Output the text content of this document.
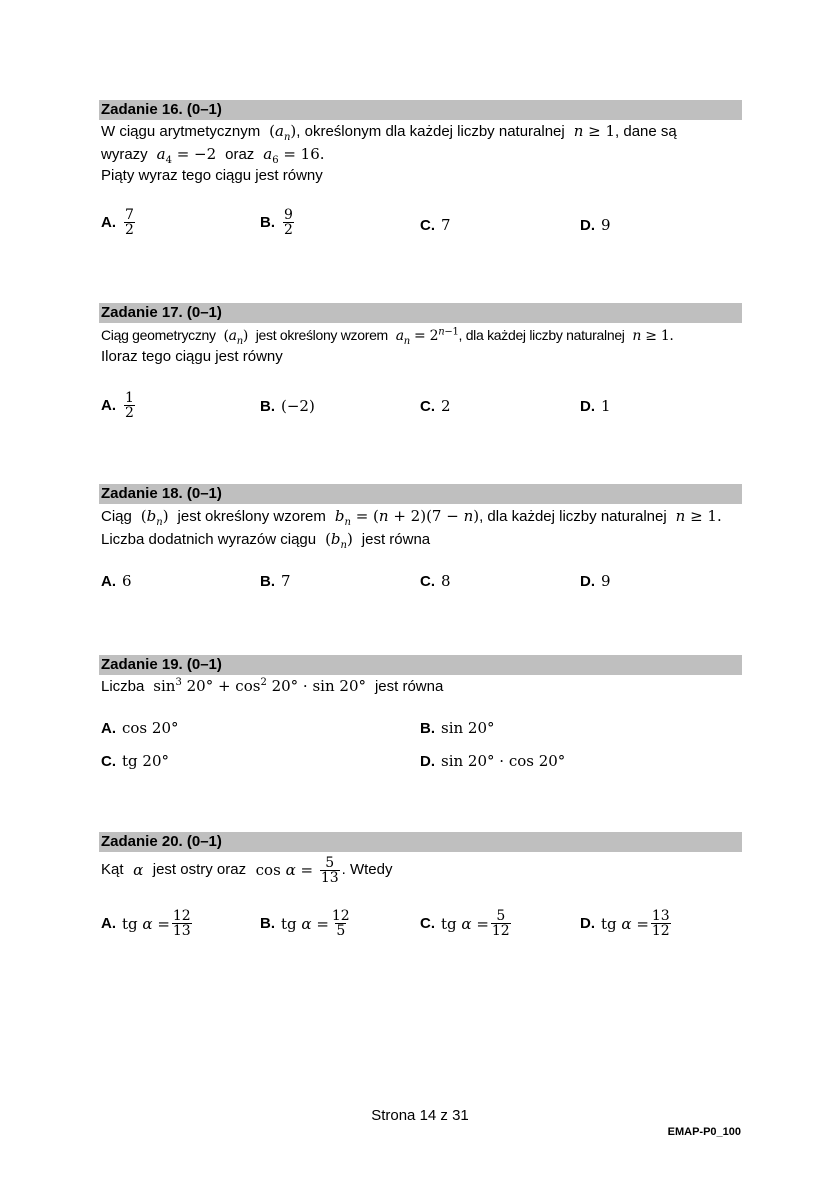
Zadanie 16. (0–1)
W ciągu arytmetycznym  $(a_n)$, określonym dla każdej liczby naturalnej n ≥ 1, dane są
wyrazy $a_4 = -2$  oraz $a_6 = 16$.
Piąty wyraz tego ciągu jest równy
A. $\frac{7}{2}$	B. $\frac{9}{2}$	C. 7	D. 9
Zadanie 17. (0–1)
Ciąg geometryczny  $(a_n)$  jest określony wzorem $a_n = 2^{n-1}$, dla każdej liczby naturalnej n ≥ 1.
Iloraz tego ciągu jest równy
A. $\frac{1}{2}$	B. (−2)	C. 2	D. 1
Zadanie 18. (0–1)
Ciąg  $(b_n)$  jest określony wzorem $b_n = (n + 2)(7 - n)$, dla każdej liczby naturalnej n ≥ 1.
Liczba dodatnich wyrazów ciągu  $(b_n)$  jest równa
A. 6	B. 7	C. 8	D. 9
Zadanie 19. (0–1)
Liczba  $\sin^3 20^\circ + \cos^2 20^\circ \cdot \sin 20^\circ$  jest równa
A. cos 20°	B. sin 20°
C. tg 20°	D. sin 20° · cos 20°
Zadanie 20. (0–1)
Kąt α jest ostry oraz $\cos \alpha = \frac{5}{13}$ . Wtedy
A. tg $\alpha = \frac{12}{13}$	B. tg $\alpha = \frac{12}{5}$	C. tg $\alpha = \frac{5}{12}$	D. tg $\alpha = \frac{13}{12}$
Strona 14 z 31
EMAP-P0_100
